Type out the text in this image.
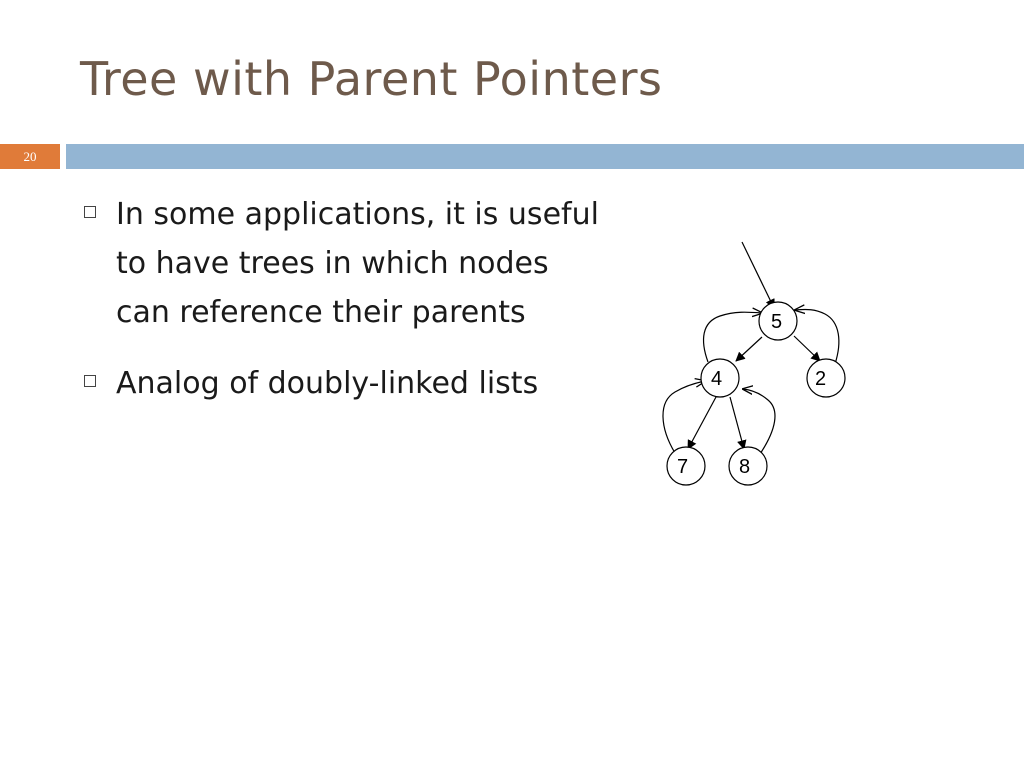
Tree with Parent Pointers
20
In some applications, it is useful
to have trees in which nodes
can reference their parents
Analog of doubly-linked lists
5
4	2
7	8
